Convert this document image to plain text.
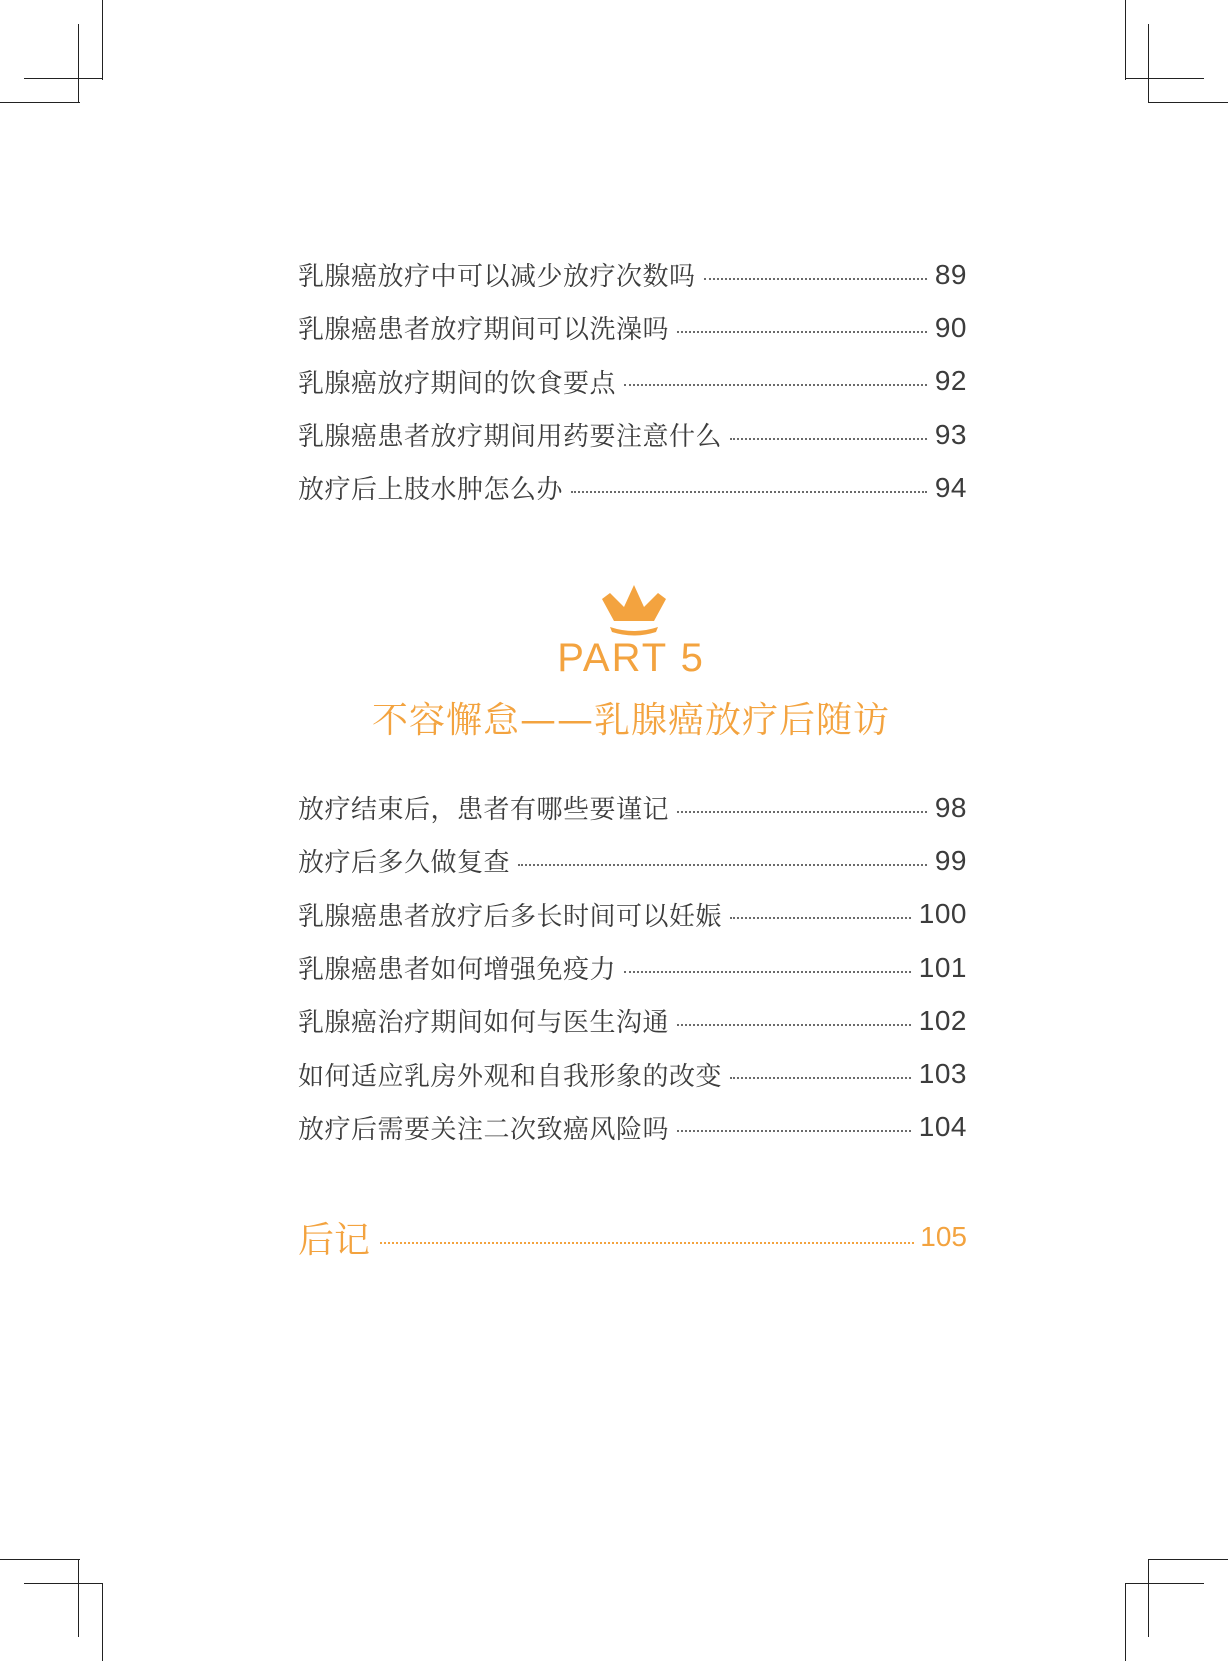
乳腺癌放疗中可以减少放疗次数吗	89
乳腺癌患者放疗期间可以洗澡吗	90
乳腺癌放疗期间的饮食要点	92
乳腺癌患者放疗期间用药要注意什么	93
放疗后上肢水肿怎么办	94
PART 5
不容懈怠——乳腺癌放疗后随访
放疗结束后，患者有哪些要谨记	98
放疗后多久做复查	99
乳腺癌患者放疗后多长时间可以妊娠	100
乳腺癌患者如何增强免疫力	101
乳腺癌治疗期间如何与医生沟通	102
如何适应乳房外观和自我形象的改变	103
放疗后需要关注二次致癌风险吗	104
后记	105
